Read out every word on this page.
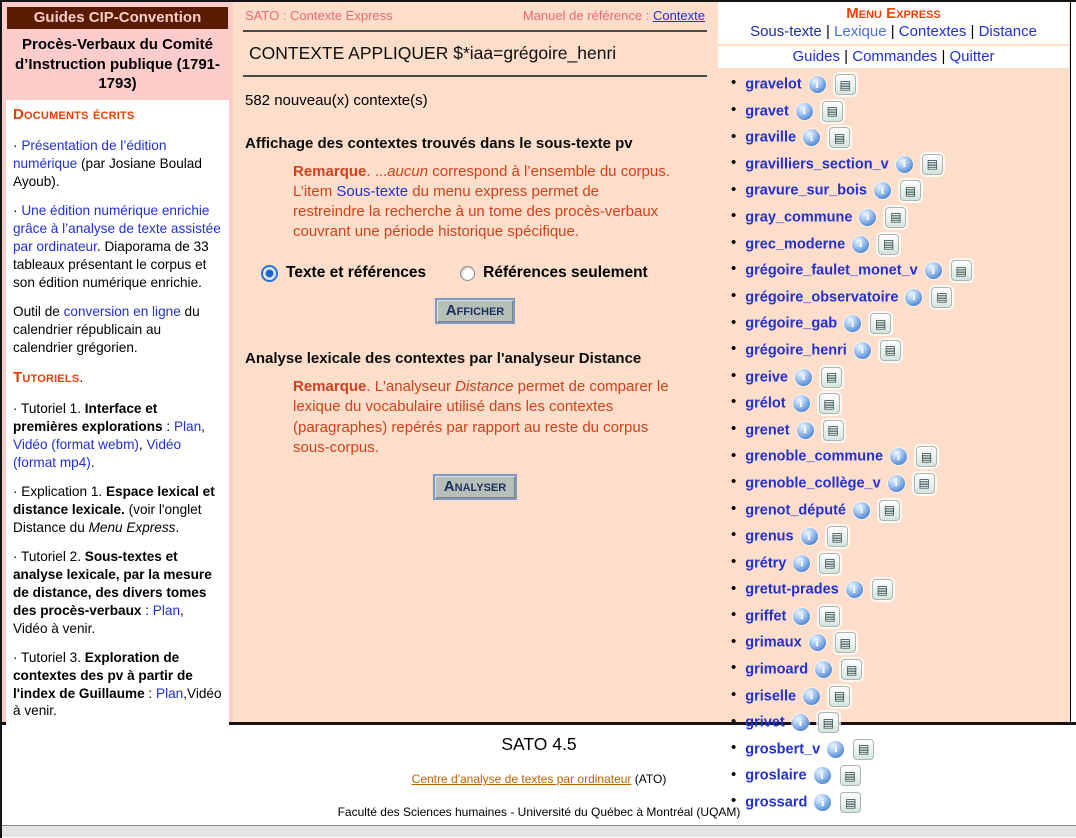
Guides CIP-Convention
Procès-Verbaux du Comité d’Instruction publique (1791-1793)
Documents écrits

· Présentation de l’édition numérique (par Josiane Boulad Ayoub).

· Une édition numérique enrichie grâce à l’analyse de texte assistée par ordinateur. Diaporama de 33 tableaux présentant le corpus et son édition numérique enrichie.

Outil de conversion en ligne du calendrier républicain au calendrier grégorien.

Tutoriels.

· Tutoriel 1. Interface et premières explorations : Plan, Vidéo (format webm), Vidéo (format mp4).

· Explication 1. Espace lexical et distance lexicale. (voir l'onglet Distance du Menu Express.

· Tutoriel 2. Sous-textes et analyse lexicale, par la mesure de distance, des divers tomes des procès-verbaux : Plan, Vidéo à venir.

· Tutoriel 3. Exploration de contextes des pv à partir de l'index de Guillaume : Plan,Vidéo à venir.

SATO : Contexte Express	Manuel de référence : Contexte
CONTEXTE APPLIQUER $*iaa=grégoire_henri
582 nouveau(x) contexte(s)
Affichage des contextes trouvés dans le sous-texte pv
Remarque. ...aucun correspond à l’ensemble du corpus. L’item Sous-texte du menu express permet de restreindre la recherche à un tome des procès-verbaux couvrant une période historique spécifique.
Texte et références	Références seulement
Afficher
Analyse lexicale des contextes par l'analyseur Distance
Remarque. L'analyseur Distance permet de comparer le lexique du vocabulaire utilisé dans les contextes (paragraphes) repérés par rapport au reste du corpus sous-corpus.
Analyser
Menu Express
Sous-texte | Lexique | Contextes | Distance
Guides | Commandes | Quitter
• gravelot i ▤
• gravet i ▤
• graville i ▤
• gravilliers_section_v i ▤
• gravure_sur_bois i ▤
• gray_commune i ▤
• grec_moderne i ▤
• grégoire_faulet_monet_v i ▤
• grégoire_observatoire i ▤
• grégoire_gab i ▤
• grégoire_henri i ▤
• greive i ▤
• grélot i ▤
• grenet i ▤
• grenoble_commune i ▤
• grenoble_collège_v i ▤
• grenot_député i ▤
• grenus i ▤
• grétry i ▤
• gretut-prades i ▤
• griffet i ▤
• grimaux i ▤
• grimoard i ▤
• griselle i ▤
• grivet i ▤
• grosbert_v i ▤
• groslaire i ▤
• grossard i ▤
SATO 4.5
Centre d'analyse de textes par ordinateur (ATO)
Faculté des Sciences humaines - Université du Québec à Montréal (UQAM)
